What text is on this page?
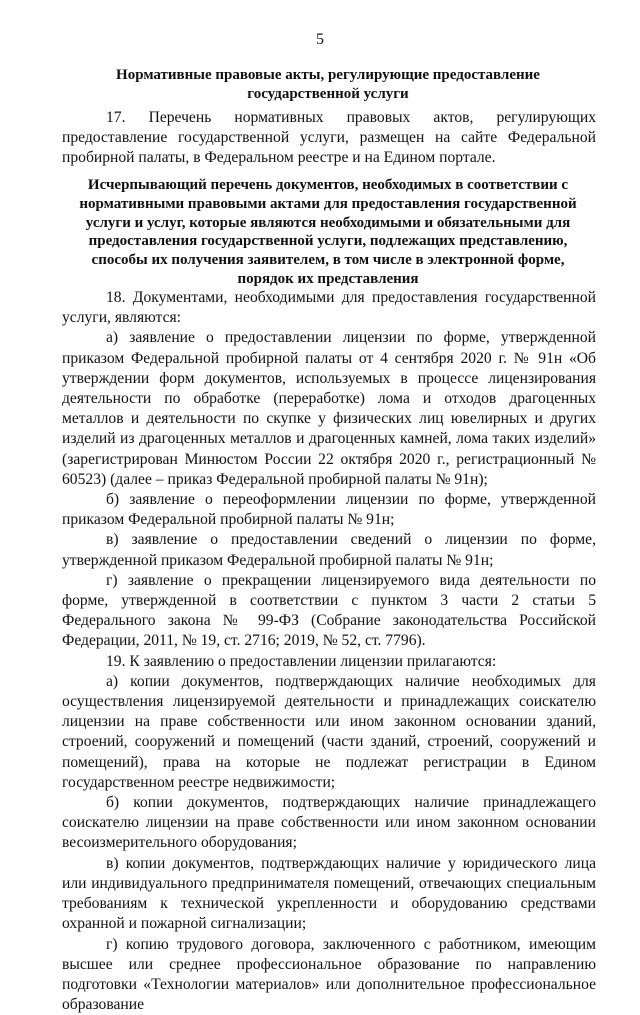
5
Нормативные правовые акты, регулирующие предоставление государственной услуги
17. Перечень нормативных правовых актов, регулирующих предоставление государственной услуги, размещен на сайте Федеральной пробирной палаты, в Федеральном реестре и на Едином портале.
Исчерпывающий перечень документов, необходимых в соответствии с нормативными правовыми актами для предоставления государственной услуги и услуг, которые являются необходимыми и обязательными для предоставления государственной услуги, подлежащих представлению, способы их получения заявителем, в том числе в электронной форме, порядок их представления

18. Документами, необходимыми для предоставления государственной услуги, являются:

а) заявление о предоставлении лицензии по форме, утвержденной приказом Федеральной пробирной палаты от 4 сентября 2020 г. № 91н «Об утверждении форм документов, используемых в процессе лицензирования деятельности по обработке (переработке) лома и отходов драгоценных металлов и деятельности по скупке у физических лиц ювелирных и других изделий из драгоценных металлов и драгоценных камней, лома таких изделий» (зарегистрирован Минюстом России 22 октября 2020 г., регистрационный № 60523) (далее – приказ Федеральной пробирной палаты № 91н);

б) заявление о переоформлении лицензии по форме, утвержденной приказом Федеральной пробирной палаты № 91н;

в) заявление о предоставлении сведений о лицензии по форме, утвержденной приказом Федеральной пробирной палаты № 91н;

г) заявление о прекращении лицензируемого вида деятельности по форме, утвержденной в соответствии с пунктом 3 части 2 статьи 5 Федерального закона № 99-ФЗ (Собрание законодательства Российской Федерации, 2011, № 19, ст. 2716; 2019, № 52, ст. 7796).

19. К заявлению о предоставлении лицензии прилагаются:

а) копии документов, подтверждающих наличие необходимых для осуществления лицензируемой деятельности и принадлежащих соискателю лицензии на праве собственности или ином законном основании зданий, строений, сооружений и помещений (части зданий, строений, сооружений и помещений), права на которые не подлежат регистрации в Едином государственном реестре недвижимости;

б) копии документов, подтверждающих наличие принадлежащего соискателю лицензии на праве собственности или ином законном основании весоизмерительного оборудования;

в) копии документов, подтверждающих наличие у юридического лица или индивидуального предпринимателя помещений, отвечающих специальным требованиям к технической укрепленности и оборудованию средствами охранной и пожарной сигнализации;

г) копию трудового договора, заключенного с работником, имеющим высшее или среднее профессиональное образование по направлению подготовки «Технологии материалов» или дополнительное профессиональное образование
